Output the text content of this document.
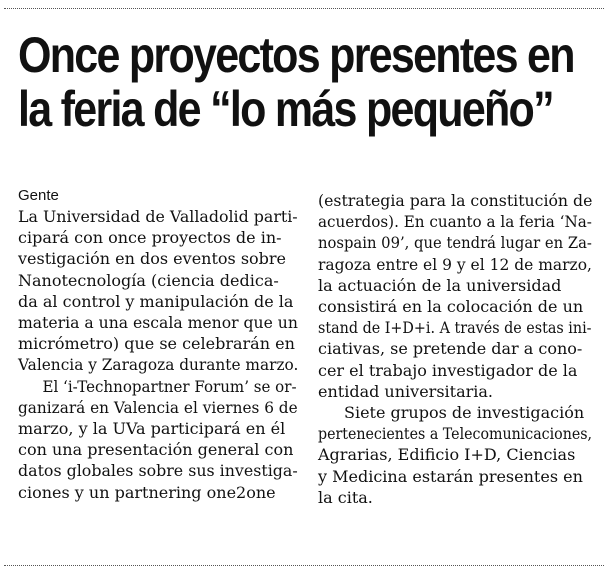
Once proyectos presentes en
la feria de “lo más pequeño”
Gente

La Universidad de Valladolid parti-
cipará con once proyectos de in-
vestigación en dos eventos sobre
Nanotecnología (ciencia dedica-
da al control y manipulación de la
materia a una escala menor que un
micrómetro) que se celebrarán en
Valencia y Zaragoza durante marzo.

El ‘i-Technopartner Forum’ se or-
ganizará en Valencia el viernes 6 de
marzo, y la UVa participará en él
con una presentación general con
datos globales sobre sus investiga-
ciones y un partnering one2one

(estrategia para la constitución de
acuerdos). En cuanto a la feria ‘Na-
nospain 09’, que tendrá lugar en Za-
ragoza entre el 9 y el 12 de marzo,
la actuación de la universidad
consistirá en la colocación de un
stand de I+D+i. A través de estas ini-
ciativas, se pretende dar a cono-
cer el trabajo investigador de la
entidad universitaria.

Siete grupos de investigación
pertenecientes a Telecomunicaciones,
Agrarias, Edificio I+D, Ciencias
y Medicina estarán presentes en
la cita.
